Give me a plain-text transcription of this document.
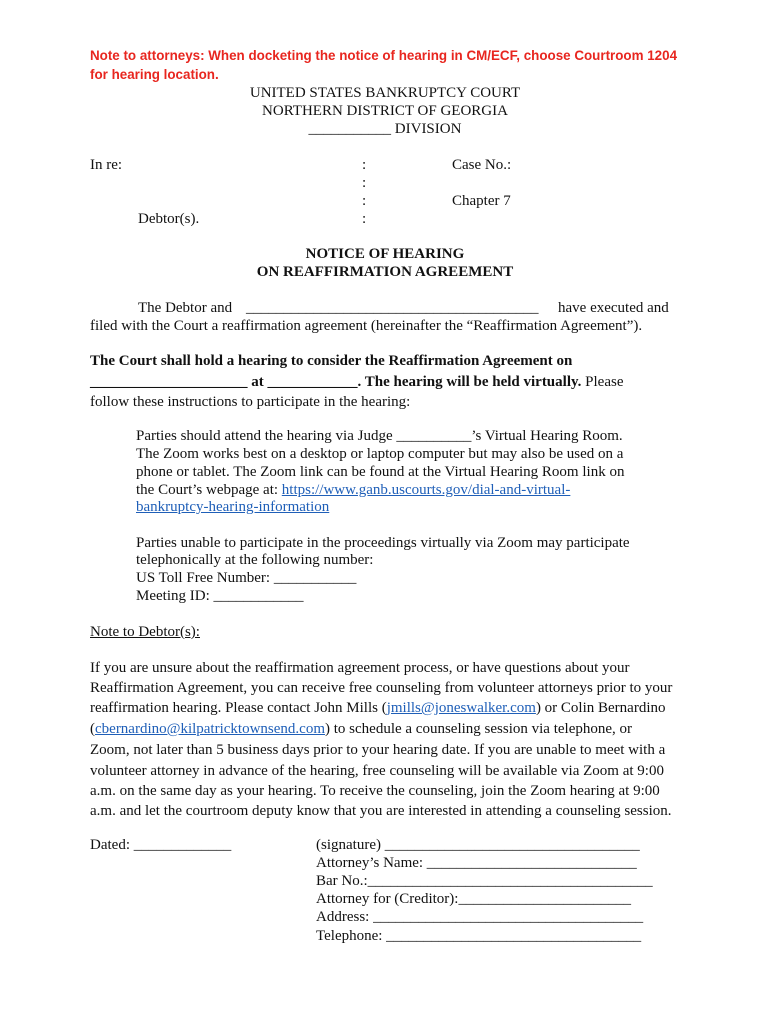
Note to attorneys: When docketing the notice of hearing in CM/ECF, choose Courtroom 1204
for hearing location.
UNITED STATES BANKRUPTCY COURT
NORTHERN DISTRICT OF GEORGIA
___________ DIVISION
In re:
Debtor(s).
:
:
:
:
Case No.:
Chapter 7
NOTICE OF HEARING
ON REAFFIRMATION AGREEMENT
The Debtor and _______________________________________ have executed and
filed with the Court a reaffirmation agreement (hereinafter the “Reaffirmation Agreement”).
The Court shall hold a hearing to consider the Reaffirmation Agreement on
_____________________ at ____________. The hearing will be held virtually. Please
follow these instructions to participate in the hearing:
Parties should attend the hearing via Judge __________’s Virtual Hearing Room.
The Zoom works best on a desktop or laptop computer but may also be used on a
phone or tablet. The Zoom link can be found at the Virtual Hearing Room link on
the Court’s webpage at: https://www.ganb.uscourts.gov/dial-and-virtual-
bankruptcy-hearing-information
Parties unable to participate in the proceedings virtually via Zoom may participate
telephonically at the following number:
US Toll Free Number: ___________
Meeting ID: ____________
Note to Debtor(s):
If you are unsure about the reaffirmation agreement process, or have questions about your
Reaffirmation Agreement, you can receive free counseling from volunteer attorneys prior to your
reaffirmation hearing. Please contact John Mills (jmills@joneswalker.com) or Colin Bernardino
(cbernardino@kilpatricktownsend.com) to schedule a counseling session via telephone, or
Zoom, not later than 5 business days prior to your hearing date. If you are unable to meet with a
volunteer attorney in advance of the hearing, free counseling will be available via Zoom at 9:00
a.m. on the same day as your hearing. To receive the counseling, join the Zoom hearing at 9:00
a.m. and let the courtroom deputy know that you are interested in attending a counseling session.
Dated: _____________	(signature) __________________________________
Attorney’s Name: ____________________________
Bar No.:______________________________________
Attorney for (Creditor):_______________________
Address: ____________________________________
Telephone: __________________________________
